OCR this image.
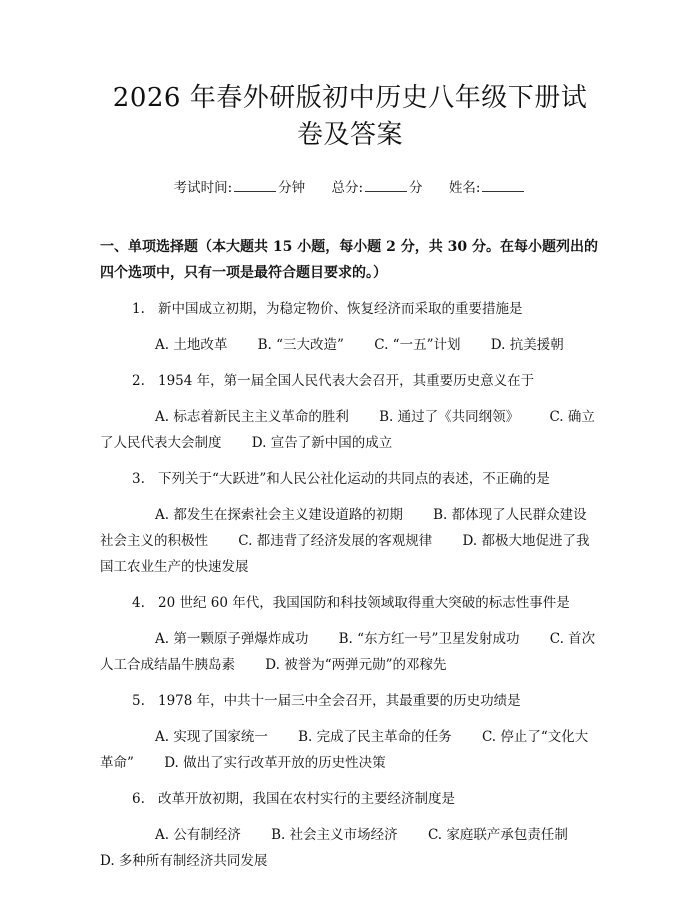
2026 年春外研版初中历史八年级下册试卷及答案
考试时间:	分钟 总分:	分 姓名:
一、单项选择题（本大题共 15 小题，每小题 2 分，共 30 分。在每小题列出的四个选项中，只有一项是最符合题目要求的。）
1. 新中国成立初期，为稳定物价、恢复经济而采取的重要措施是
A. 土地改革 B. “三大改造” C. “一五”计划 D. 抗美援朝
2. 1954 年，第一届全国人民代表大会召开，其重要历史意义在于
A. 标志着新民主主义革命的胜利 B. 通过了《共同纲领》 C. 确立了人民代表大会制度 D. 宣告了新中国的成立
3. 下列关于“大跃进”和人民公社化运动的共同点的表述，不正确的是
A. 都发生在探索社会主义建设道路的初期 B. 都体现了人民群众建设社会主义的积极性 C. 都违背了经济发展的客观规律 D. 都极大地促进了我国工农业生产的快速发展
4. 20 世纪 60 年代，我国国防和科技领域取得重大突破的标志性事件是
A. 第一颗原子弹爆炸成功 B. “东方红一号”卫星发射成功 C. 首次人工合成结晶牛胰岛素 D. 被誉为“两弹元勋”的邓稼先
5. 1978 年，中共十一届三中全会召开，其最重要的历史功绩是
A. 实现了国家统一 B. 完成了民主革命的任务 C. 停止了“文化大革命” D. 做出了实行改革开放的历史性决策
6. 改革开放初期，我国在农村实行的主要经济制度是
A. 公有制经济 B. 社会主义市场经济 C. 家庭联产承包责任制 D. 多种所有制经济共同发展
